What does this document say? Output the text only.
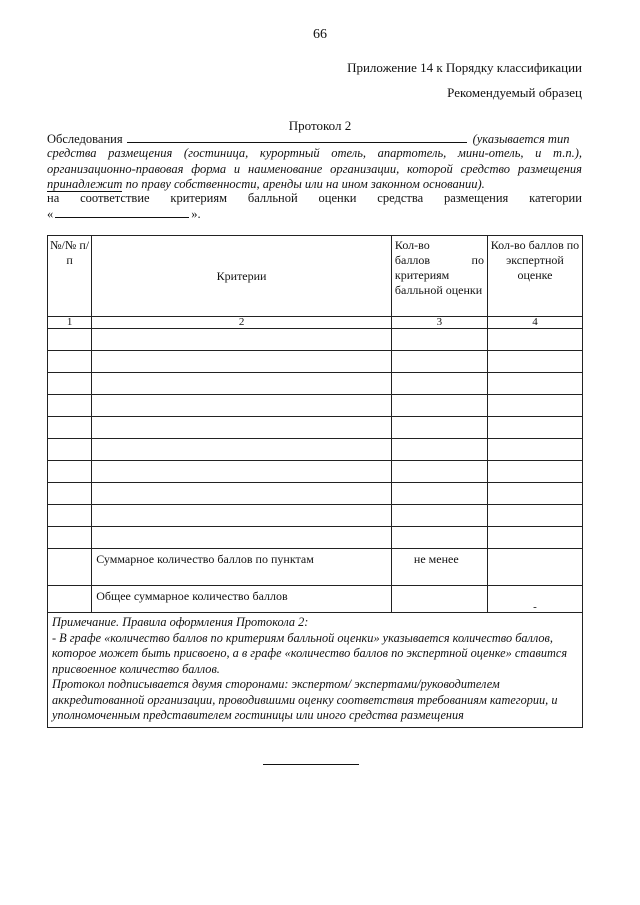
66
Приложение 14 к Порядку классификации
Рекомендуемый образец
Протокол 2
Обследования	(указывается тип
средства размещения (гостиница, курортный отель, апартотель, мини-отель, и т.п.), организационно-правовая форма и наименование организации, которой средство размещения принадлежит по праву собственности, аренды или на ином законном основании).
на соответствие критериям балльной оценки средства размещения категории
«	».
№/№ п/п	Критерии	Кол-во
баллов по
критериям балльной оценки	Кол-во баллов по экспертной оценке
1	2	3	4

	Суммарное количество баллов по пунктам	не менее	
	Общее суммарное количество баллов		-

Примечание. Правила оформления Протокола 2:
- В графе «количество баллов по критериям балльной оценки» указывается количество баллов, которое может быть присвоено, а в графе «количество баллов по экспертной оценке» ставится присвоенное количество баллов.
Протокол подписывается двумя сторонами: экспертом/ экспертами/руководителем аккредитованной организации, проводившими оценку соответствия требованиям категории, и уполномоченным представителем гостиницы или иного средства размещения			
